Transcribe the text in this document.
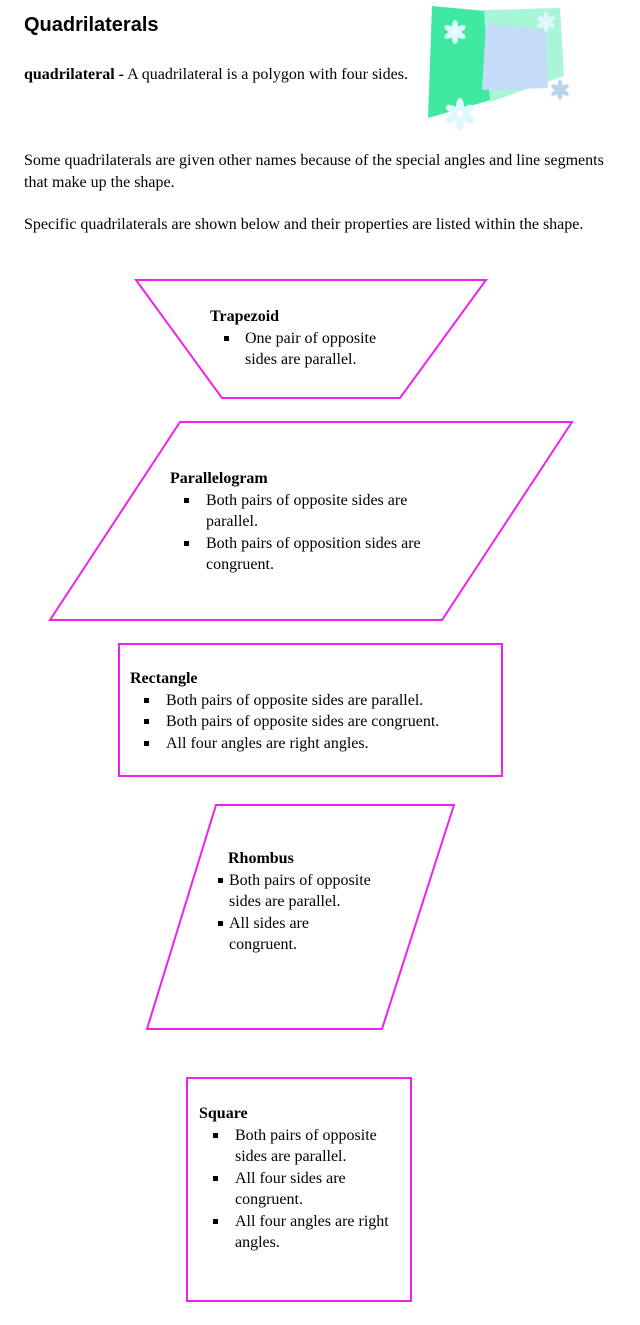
Quadrilaterals

quadrilateral - A quadrilateral is a polygon with four sides.

Some quadrilaterals are given other names because of the special angles and line segments that make up the shape.

Specific quadrilaterals are shown below and their properties are listed within the shape.

Trapezoid
One pair of opposite sides are parallel.
Parallelogram
Both pairs of opposite sides are parallel.
Both pairs of opposition sides are congruent.
Rectangle
Both pairs of opposite sides are parallel.
Both pairs of opposite sides are congruent.
All four angles are right angles.
Rhombus
Both pairs of opposite sides are parallel.
All sides are congruent.
Square
Both pairs of opposite sides are parallel.
All four sides are congruent.
All four angles are right angles.
